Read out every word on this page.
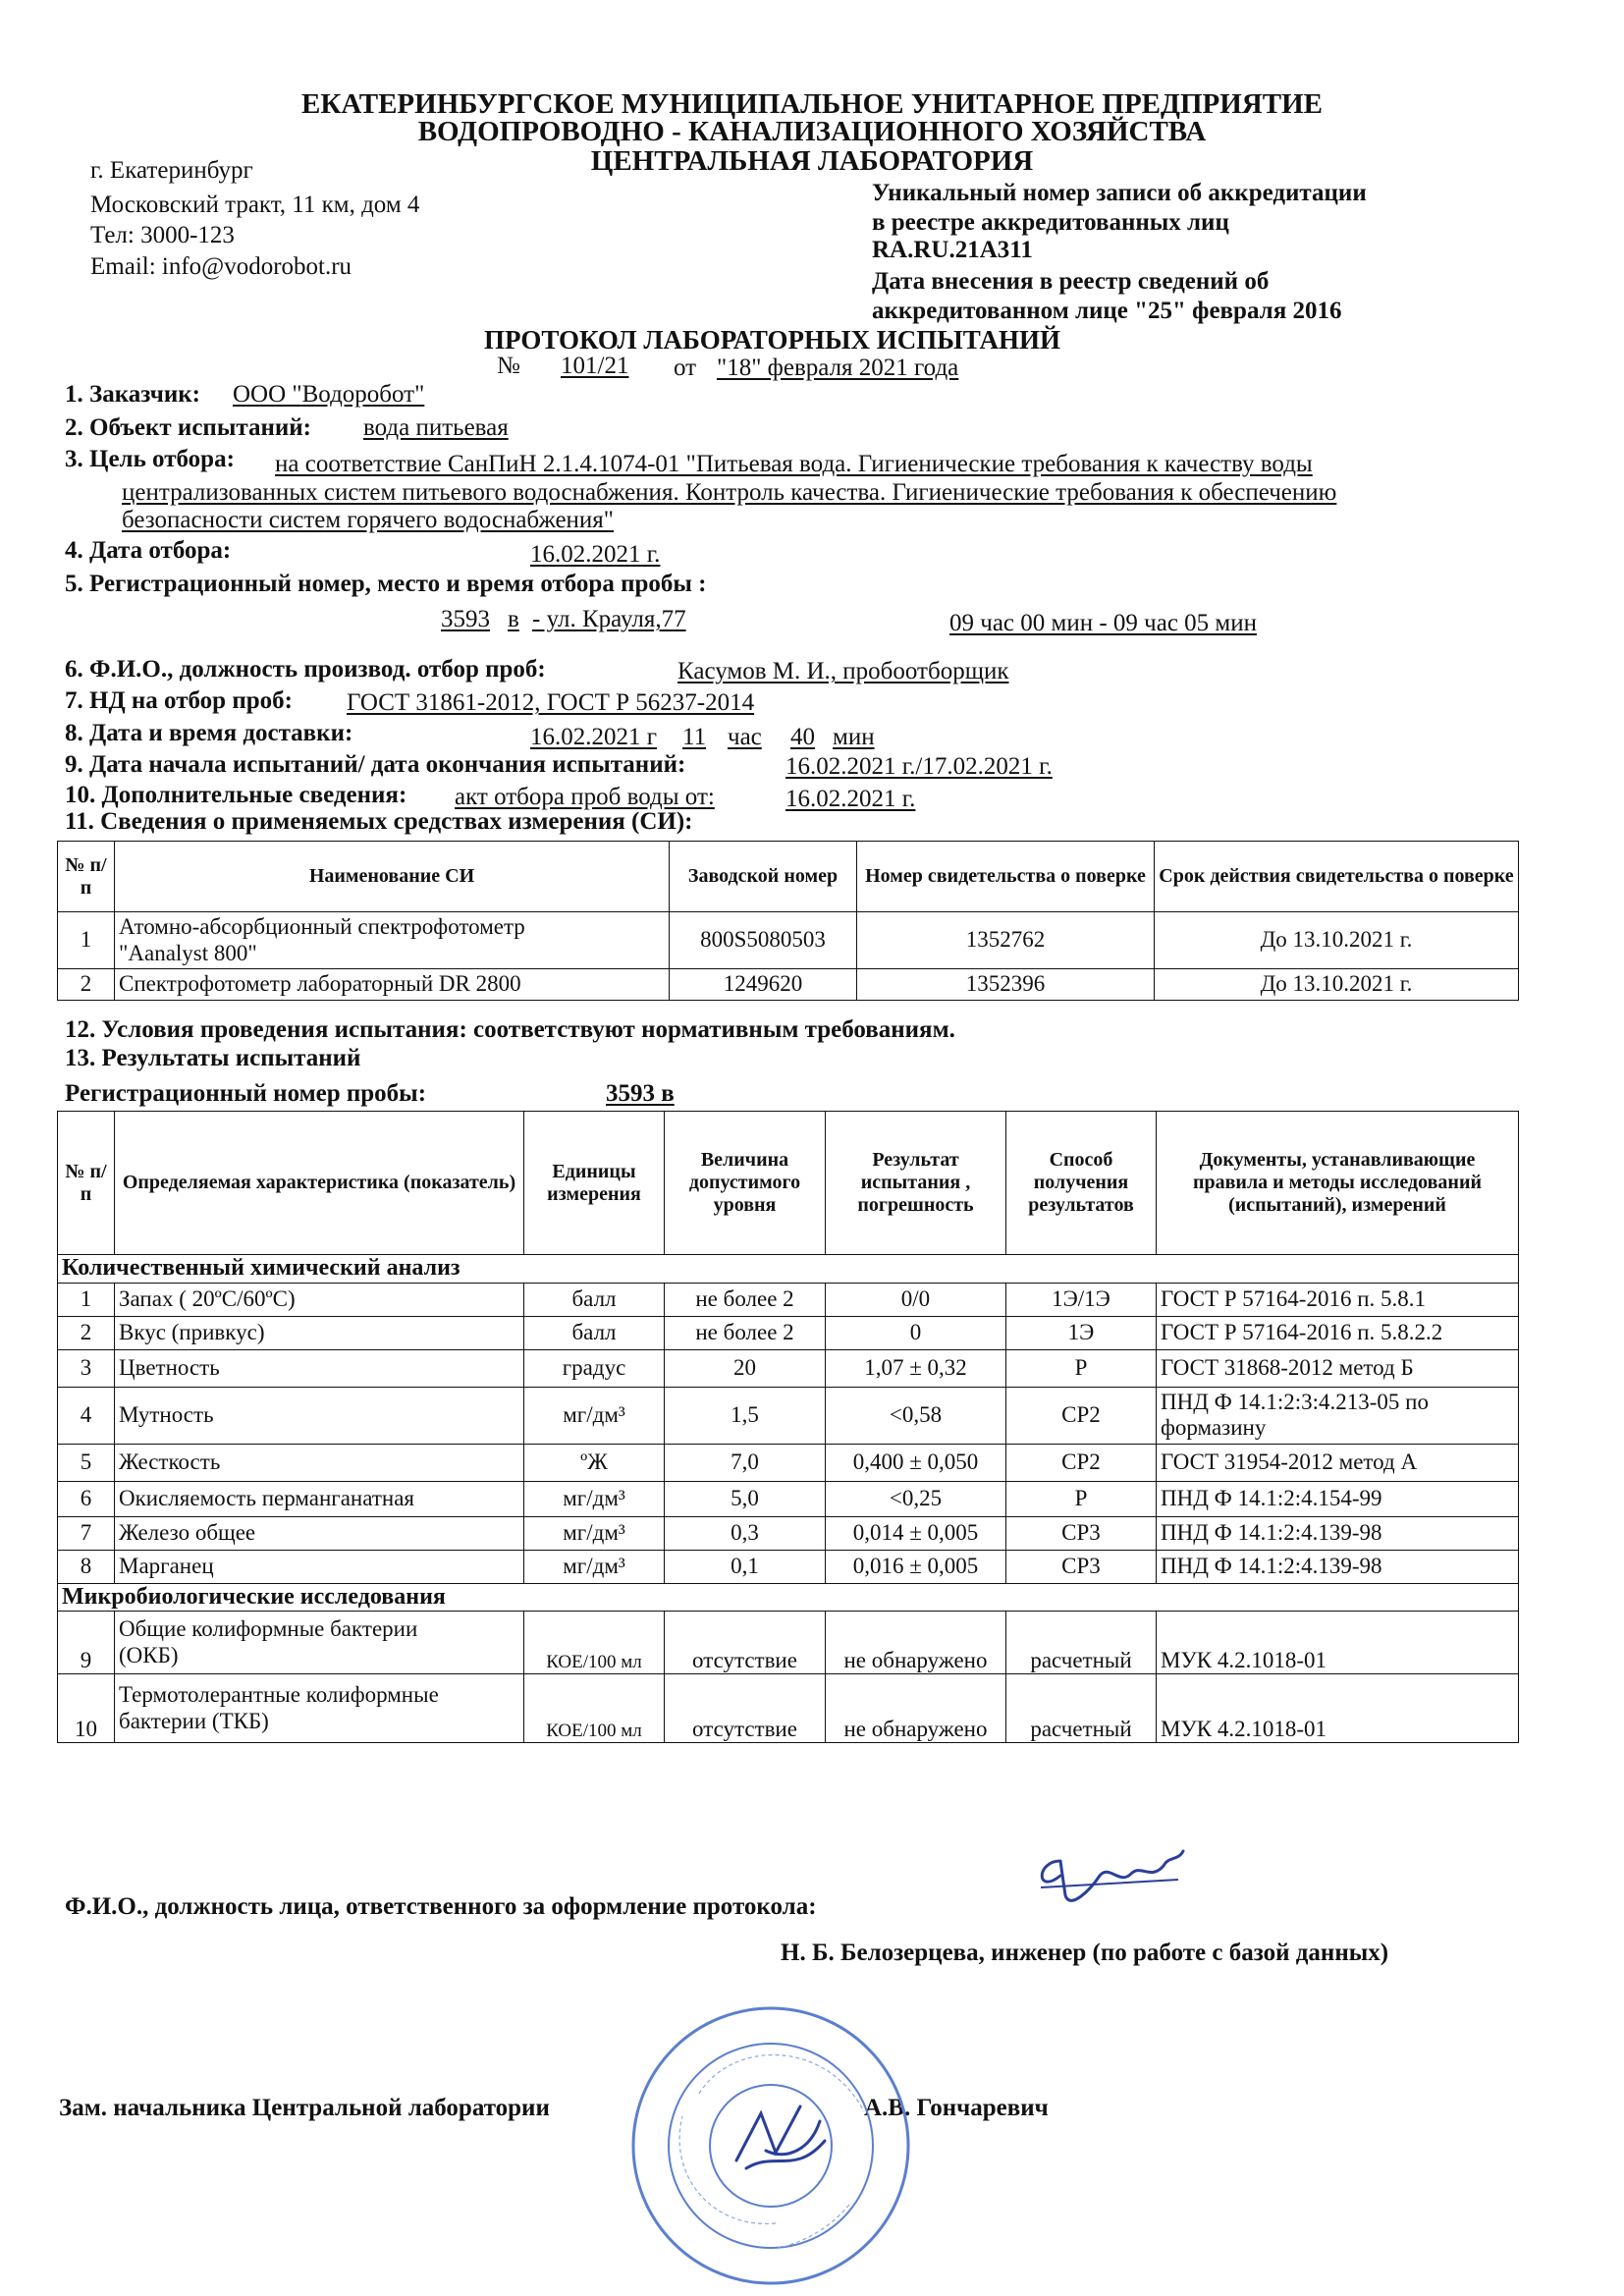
ЕКАТЕРИНБУРГСКОЕ МУНИЦИПАЛЬНОЕ УНИТАРНОЕ ПРЕДПРИЯТИЕ
ВОДОПРОВОДНО - КАНАЛИЗАЦИОННОГО ХОЗЯЙСТВА
ЦЕНТРАЛЬНАЯ ЛАБОРАТОРИЯ
г. Екатеринбург
Московский тракт, 11 км, дом 4
Тел: 3000-123
Email: info@vodorobot.ru
Уникальный номер записи об аккредитации
в реестре аккредитованных лиц
RA.RU.21А311
Дата внесения в реестр сведений об
аккредитованном лице "25" февраля 2016
ПРОТОКОЛ ЛАБОРАТОРНЫХ ИСПЫТАНИЙ
№ 101/21 от "18" февраля 2021 года
1. Заказчик: ООО "Водоробот"
2. Объект испытаний: вода питьевая
3. Цель отбора: на соответствие СанПиН 2.1.4.1074-01 "Питьевая вода. Гигиенические требования к качеству воды
централизованных систем питьевого водоснабжения. Контроль качества. Гигиенические требования к обеспечению
безопасности систем горячего водоснабжения"
4. Дата отбора:	16.02.2021 г.
5. Регистрационный номер, место и время отбора пробы :
3593 в - ул. Крауля,77	09 час 00 мин - 09 час 05 мин
6. Ф.И.О., должность производ. отбор проб:	Касумов М. И., пробоотборщик
7. НД на отбор проб: ГОСТ 31861-2012, ГОСТ Р 56237-2014
8. Дата и время доставки:	16.02.2021 г 11 час 40 мин
9. Дата начала испытаний/ дата окончания испытаний:	16.02.2021 г./17.02.2021 г.
10. Дополнительные сведения: акт отбора проб воды от:	16.02.2021 г.
11. Сведения о применяемых средствах измерения (СИ):
№ п/п	Наименование СИ	Заводской номер	Номер свидетельства о поверке	Срок действия свидетельства о поверке
1	Атомно-абсорбционный спектрофотометр
"Aanalyst 800"	800S5080503	1352762	До 13.10.2021 г.
2	Спектрофотометр лабораторный DR 2800	1249620	1352396	До 13.10.2021 г.
12. Условия проведения испытания: соответствуют нормативным требованиям.
13. Результаты испытаний
Регистрационный номер пробы:	3593 в
№ п/п	Определяемая характеристика (показатель)	Единицы измерения	Величина допустимого уровня	Результат испытания , погрешность	Способ получения результатов	Документы, устанавливающие правила и методы исследований (испытаний), измерений
Количественный химический анализ						
1	Запах ( 20ºС/60ºС)	балл	не более 2	0/0	1Э/1Э	ГОСТ Р 57164-2016 п. 5.8.1
2	Вкус (привкус)	балл	не более 2	0	1Э	ГОСТ Р 57164-2016 п. 5.8.2.2
3	Цветность	градус	20	1,07 ± 0,32	Р	ГОСТ 31868-2012 метод Б
4	Мутность	мг/дм³	1,5	<0,58	СР2	ПНД Ф 14.1:2:3:4.213-05 по формазину
5	Жесткость	ºЖ	7,0	0,400 ± 0,050	СР2	ГОСТ 31954-2012 метод А
6	Окисляемость перманганатная	мг/дм³	5,0	<0,25	Р	ПНД Ф 14.1:2:4.154-99
7	Железо общее	мг/дм³	0,3	0,014 ± 0,005	СР3	ПНД Ф 14.1:2:4.139-98
8	Марганец	мг/дм³	0,1	0,016 ± 0,005	СР3	ПНД Ф 14.1:2:4.139-98
Микробиологические исследования						
9	Общие колиформные бактерии
(ОКБ)	КОЕ/100 мл	отсутствие	не обнаружено	расчетный	МУК 4.2.1018-01
10	Термотолерантные колиформные
бактерии (ТКБ)	КОЕ/100 мл	отсутствие	не обнаружено	расчетный	МУК 4.2.1018-01
Ф.И.О., должность лица, ответственного за оформление протокола:
Н. Б. Белозерцева, инженер (по работе с базой данных)
Зам. начальника Центральной лаборатории	А.В. Гончаревич
